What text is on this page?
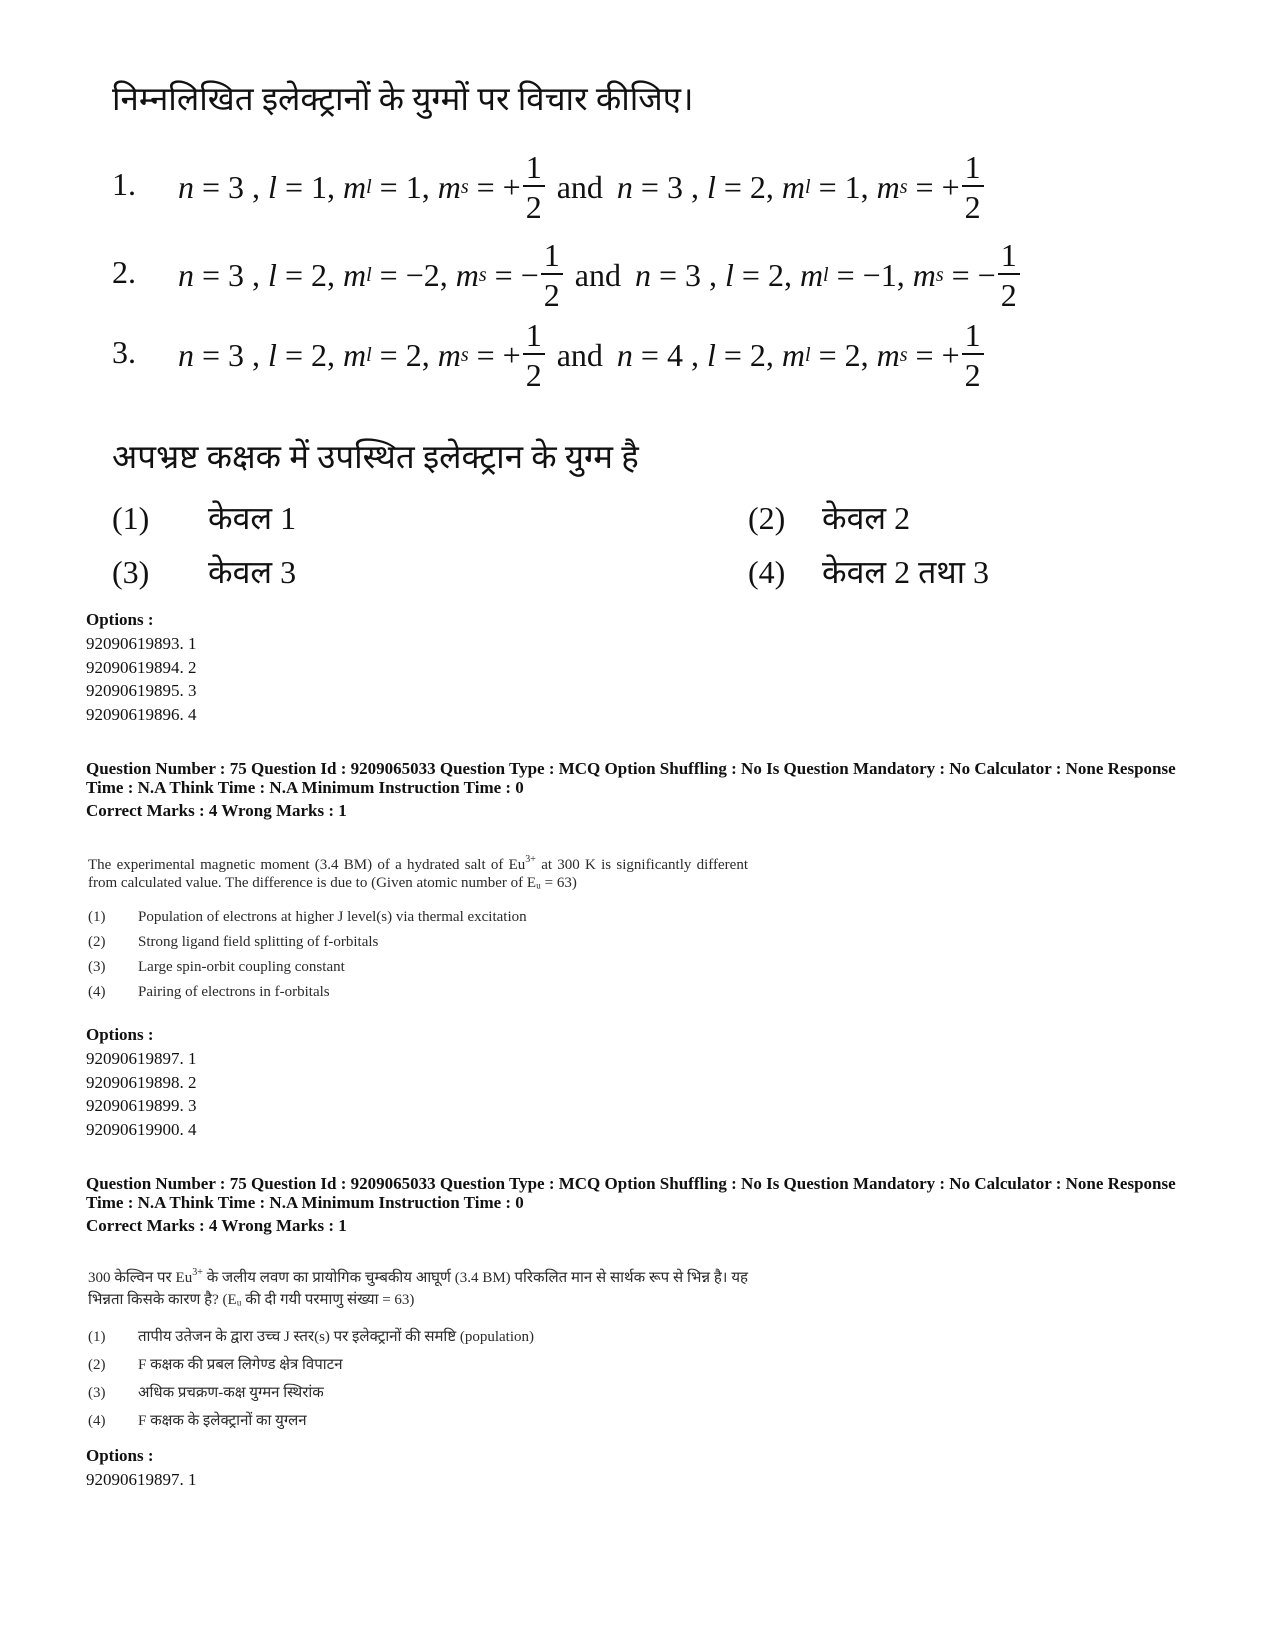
निम्नलिखित इलेक्ट्रानों के युग्मों पर विचार कीजिए।

1. n = 3 , l = 1 , m l = 1 , m s = + $\frac{1}{2}$ and n = 3 , l = 2 , m l = 1 , m s = + $\frac{1}{2}$
2. n = 3 , l = 2 , m l = −2 , m s = − $\frac{1}{2}$ and n = 3 , l = 2 , m l = −1 , m s = − $\frac{1}{2}$
3. n = 3 , l = 2 , m l = 2 , m s = + $\frac{1}{2}$ and n = 4 , l = 2 , m l = 2 , m s = + $\frac{1}{2}$
अपभ्रष्ट कक्षक में उपस्थित इलेक्ट्रान के युग्म है
(1) केवल 1	(2) केवल 2
(3) केवल 3	(4) केवल 2 तथा 3
Options :
92090619893. 1
92090619894. 2
92090619895. 3
92090619896. 4
Question Number : 75 Question Id : 9209065033 Question Type : MCQ Option Shuffling : No Is Question Mandatory : No Calculator : None Response Time : N.A Think Time : N.A Minimum Instruction Time : 0
Correct Marks : 4 Wrong Marks : 1

The experimental magnetic moment (3.4 BM) of a hydrated salt of $Eu^{3+}$ at 300 K is significantly different from calculated value. The difference is due to (Given atomic number of Eᵤ = 63)

(1) Population of electrons at higher J level(s) via thermal excitation
(2) Strong ligand field splitting of f-orbitals
(3) Large spin-orbit coupling constant
(4) Pairing of electrons in f-orbitals
Options :
92090619897. 1
92090619898. 2
92090619899. 3
92090619900. 4
Question Number : 75 Question Id : 9209065033 Question Type : MCQ Option Shuffling : No Is Question Mandatory : No Calculator : None Response Time : N.A Think Time : N.A Minimum Instruction Time : 0
Correct Marks : 4 Wrong Marks : 1

300 केल्विन पर $Eu^{3+}$ के जलीय लवण का प्रायोगिक चुम्बकीय आघूर्ण (3.4 BM) परिकलित मान से सार्थक रूप से भिन्न है। यह भिन्नता किसके कारण है? (Eᵤ की दी गयी परमाणु संख्या = 63)

(1) तापीय उतेजन के द्वारा उच्च J स्तर(s) पर इलेक्ट्रानों की समष्टि (population)
(2) F कक्षक की प्रबल लिगेण्ड क्षेत्र विपाटन
(3) अधिक प्रचक्रण-कक्ष युग्मन स्थिरांक
(4) F कक्षक के इलेक्ट्रानों का युग्लन
Options :
92090619897. 1
